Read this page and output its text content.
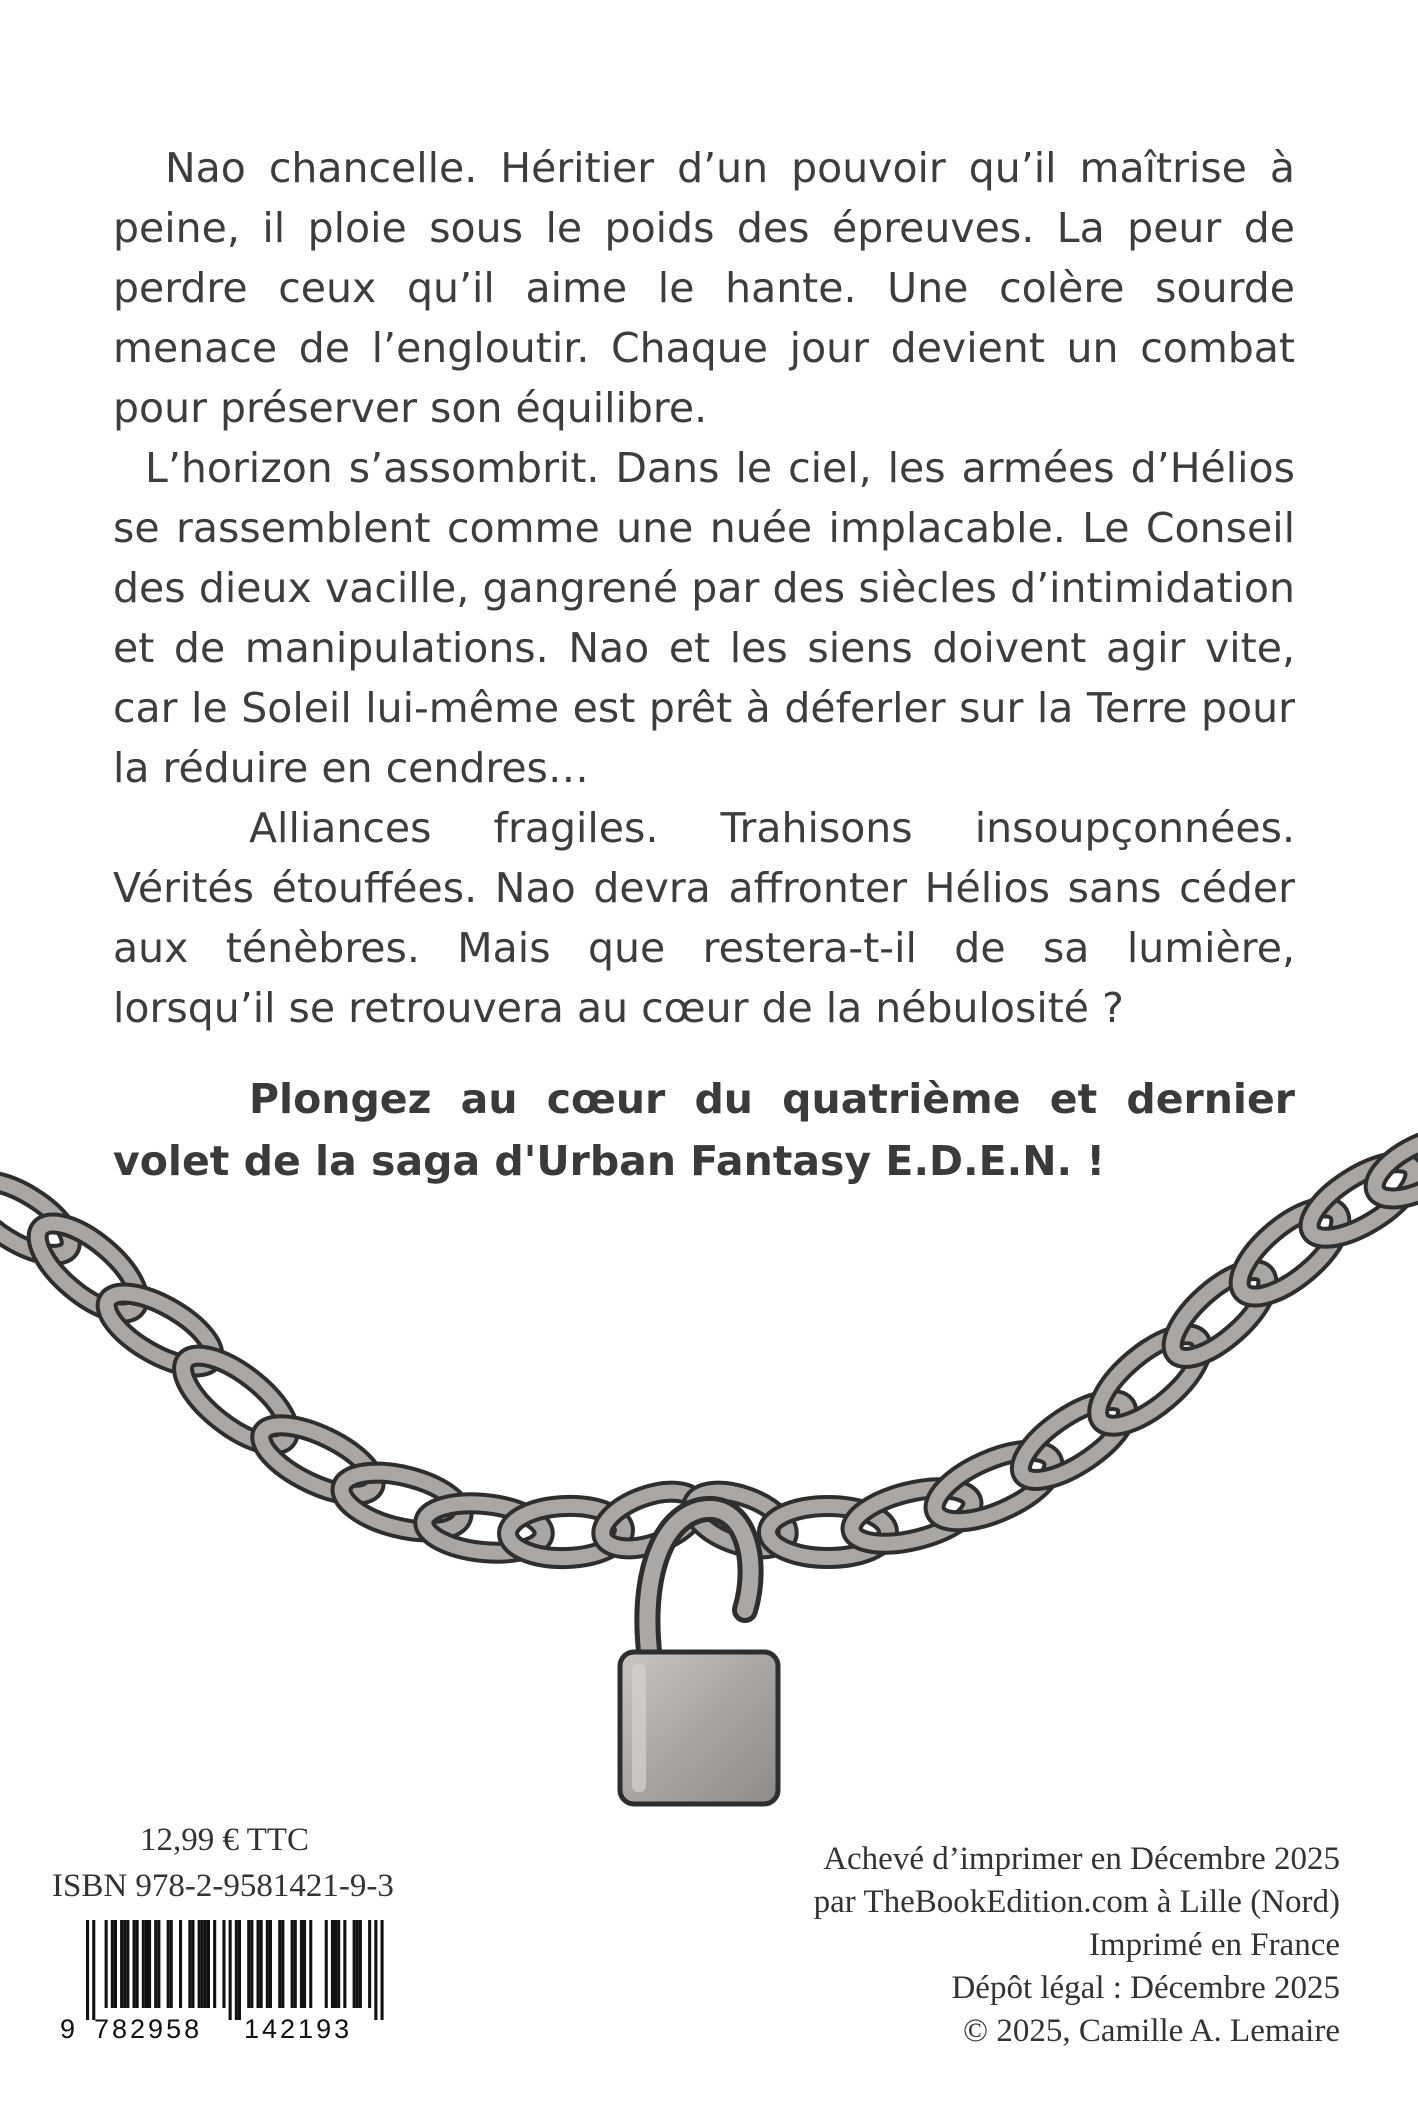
Nao chancelle. Héritier d’un pouvoir qu’il maîtrise à peine, il ploie sous le poids des épreuves. La peur de perdre ceux qu’il aime le hante. Une colère sourde menace de l’engloutir. Chaque jour devient un combat pour préserver son équilibre.

L’horizon s’assombrit. Dans le ciel, les armées d’Hélios se rassemblent comme une nuée implacable. Le Conseil des dieux vacille, gangrené par des siècles d’intimidation et de manipulations. Nao et les siens doivent agir vite, car le Soleil lui-même est prêt à déferler sur la Terre pour la réduire en cendres…

Alliances fragiles. Trahisons insoupçonnées. Vérités étouffées. Nao devra affronter Hélios sans céder aux ténèbres. Mais que restera-t-il de sa lumière, lorsqu’il se retrouvera au cœur de la nébulosité ?

Plongez au cœur du quatrième et dernier volet de la saga d'Urban Fantasy E.D.E.N. !

12,99 € TTC
ISBN 978-2-9581421-9-3
9 782958 142193
Achevé d’imprimer en Décembre 2025
par TheBookEdition.com à Lille (Nord)
Imprimé en France
Dépôt légal : Décembre 2025
© 2025, Camille A. Lemaire
